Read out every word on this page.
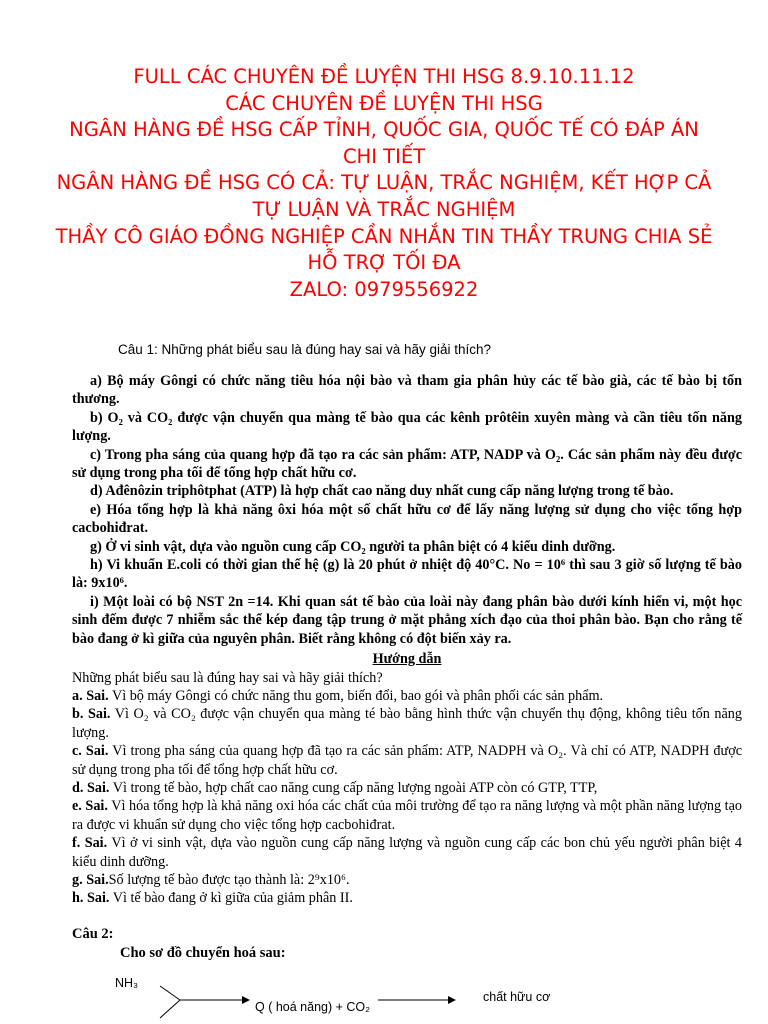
FULL CÁC CHUYÊN ĐỀ LUYỆN THI HSG 8.9.10.11.12
CÁC CHUYÊN ĐỀ LUYỆN THI HSG
NGÂN HÀNG ĐỀ HSG CẤP TỈNH, QUỐC GIA, QUỐC TẾ CÓ ĐÁP ÁN
CHI TIẾT
NGÂN HÀNG ĐỀ HSG CÓ CẢ: TỰ LUẬN, TRẮC NGHIỆM, KẾT HỢP CẢ
TỰ LUẬN VÀ TRẮC NGHIỆM
THẦY CÔ GIÁO ĐỒNG NGHIỆP CẦN NHẮN TIN THẦY TRUNG CHIA SẺ
HỖ TRỢ TỐI ĐA
ZALO: 0979556922
Câu 1: Những phát biểu sau là đúng hay sai và hãy giải thích?

a) Bộ máy Gôngi có chức năng tiêu hóa nội bào và tham gia phân hủy các tế bào già, các tế bào bị tổn thương.

b) O₂ và CO₂ được vận chuyển qua màng tế bào qua các kênh prôtêin xuyên màng và cần tiêu tốn năng lượng.

c) Trong pha sáng của quang hợp đã tạo ra các sản phẩm: ATP, NADP và O₂. Các sản phẩm này đều được sử dụng trong pha tối để tổng hợp chất hữu cơ.

d) Ađênôzin triphôtphat (ATP) là hợp chất cao năng duy nhất cung cấp năng lượng trong tế bào.

e) Hóa tổng hợp là khả năng ôxi hóa một số chất hữu cơ để lấy năng lượng sử dụng cho việc tổng hợp cacbohiđrat.

g) Ở vi sinh vật, dựa vào nguồn cung cấp CO₂ người ta phân biệt có 4 kiểu dinh dưỡng.

h) Vi khuẩn E.coli có thời gian thế hệ (g) là 20 phút ở nhiệt độ 40°C. No = 10⁶ thì sau 3 giờ số lượng tế bào là: 9x10⁶.

i) Một loài có bộ NST 2n =14. Khi quan sát tế bào của loài này đang phân bào dưới kính hiển vi, một học sinh đếm được 7 nhiễm sắc thể kép đang tập trung ở mặt phẳng xích đạo của thoi phân bào. Bạn cho rằng tế bào đang ở kì giữa của nguyên phân. Biết rằng không có đột biến xảy ra.

Hướng dẫn

Những phát biểu sau là đúng hay sai và hãy giải thích?

a. Sai. Vì bộ máy Gôngi có chức năng thu gom, biến đổi, bao gói và phân phối các sản phẩm.

b. Sai. Vì O₂ và CO₂ được vận chuyển qua màng té bào bằng hình thức vận chuyển thụ động, không tiêu tốn năng lượng.

c. Sai. Vì trong pha sáng của quang hợp đã tạo ra các sản phẩm: ATP, NADPH và O₂. Và chỉ có ATP, NADPH được sử dụng trong pha tối để tổng hợp chất hữu cơ.

d. Sai. Vì trong tế bào, hợp chất cao năng cung cấp năng lượng ngoài ATP còn có GTP, TTP,

e. Sai. Vì hóa tổng hợp là khả năng oxi hóa các chất của môi trường để tạo ra năng lượng và một phần năng lượng tạo ra được vi khuẩn sử dụng cho việc tổng hợp cacbohiđrat.

f. Sai. Vì ở vi sinh vật, dựa vào nguồn cung cấp năng lượng và nguồn cung cấp các bon chủ yếu người phân biệt 4 kiểu dinh dưỡng.

g. Sai.Số lượng tế bào được tạo thành là: 2⁹x10⁶.

h. Sai. Vì tế bào đang ở kì giữa của giảm phân II.

Câu 2:
Cho sơ đồ chuyển hoá sau:
NH₃
Q ( hoá năng) + CO₂
chất hữu cơ
